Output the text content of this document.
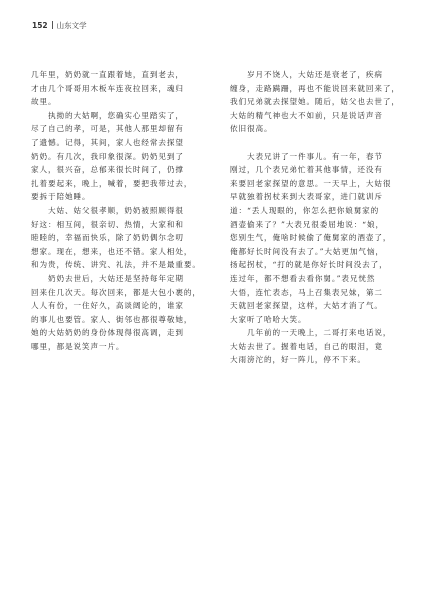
152 山东文学

几年里，奶奶就一直跟着她，直到老去，

才由几个哥哥用木板车连夜拉回来，魂归

故里。

　　执拗的大姑啊，您确实心里踏实了，

尽了自己的孝，可是，其他人那里却留有

了遗憾。记得，其间，家人也经常去探望

奶奶。有几次，我印象很深。奶奶见到了

家人，很兴奋，总郁来很长时间了，仍撑

扎着要起来，晚上，喊着，要把我带过去，

要拆于陪她睡。

　　大姑、姑父很孝顺，奶奶被照顾得很

好这：相互间，很亲切、热情，大家和和

睦睦的，幸福而快乐，除了奶奶偶尔念叨

想家。现在，想来，也还不错。家人相处，

和为贵，传统、讲究、礼法，并不是最重要。

　　奶奶去世后，大姑还是坚持每年定期

回来住几次天。每次回来，都是大包小裹的，

人人有份，一住好久，高谈阔论的，谁家

的事儿也要管。家人、街邻也都很尊敬她，

她的大姑奶奶的身份体现得很高调，走到

哪里，都是说笑声一片。

　　岁月不饶人，大姑还是衰老了，疾病

缠身，走路蹒跚，再也不能说回来就回来了，

我们兄弟就去探望她。随后，姑父也去世了，

大姑的精气神也大不如前，只是说话声音

依旧很高。

　　大表兄讲了一件事儿。有一年，春节

刚过，几个表兄弟忙着其他事情，还没有

来要回老家探望的意思。一天早上，大姑很

早就独着拐杖来到大表哥家，进门就训斥

道：“丢人现眼的，你怎么把你娘舅家的

酒壶偷来了？”大表兄很委屈地说：“娘，

您别生气，俺啥时候偷了俺舅家的酒壶了，

俺都好长时间没有去了。”大姑更加气恼，

扬起拐杖，“打的就是你好长时间没去了，

连过年，都不想看去看你舅。”表兄恍然

大悟，连忙表态，马上召集表兄妹，第二

天就回老家探望，这样，大姑才消了气。

大家听了哈哈大笑。

　　几年前的一天晚上，二哥打来电话说，

大姑去世了。握着电话，自己的眼泪，竟

大雨滂沱的，好一阵儿，停不下来。
